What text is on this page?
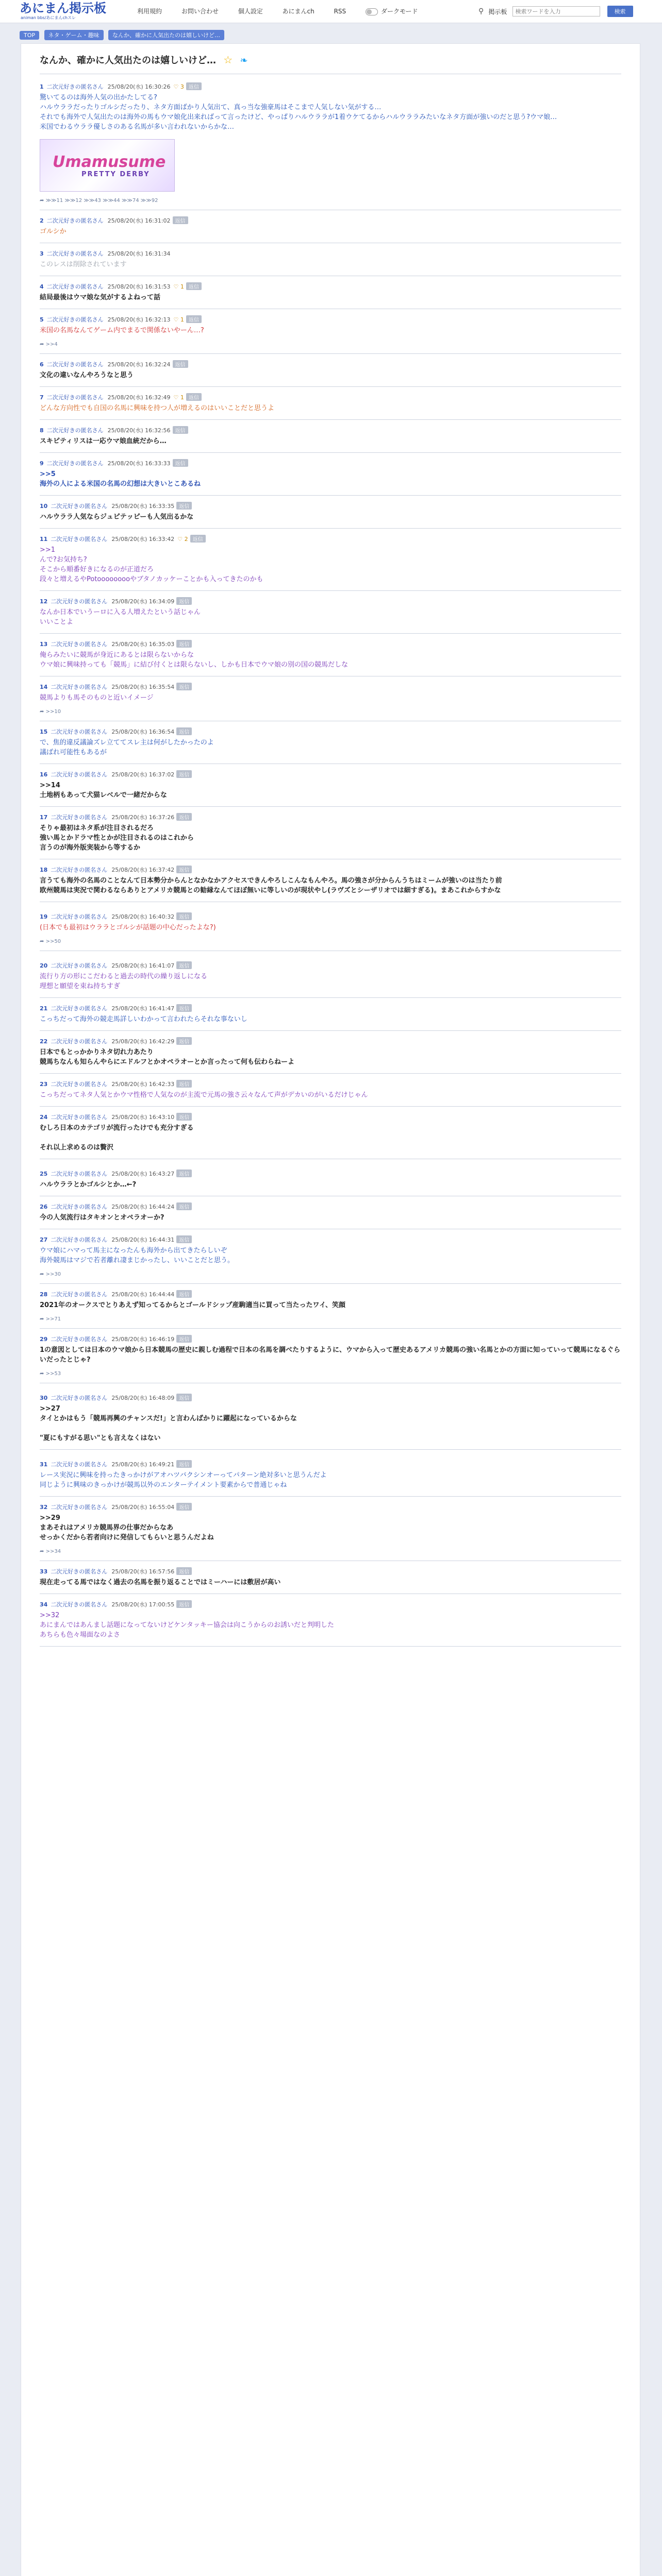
あにまん掲示板
animan bbs/あにまんchスレ
利用規約	お問い合わせ	個人設定	あにまんch	RSS	ダークモード	⚲ 掲示板 検索ワードを入力	検索
TOP ネタ・ゲーム・趣味 なんか、確かに人気出たのは嬉しいけど…
なんか、確かに人気出たのは嬉しいけど… ☆ ❧
1 二次元好きの匿名さん 25/08/20(水) 16:30:26 ♡ 3 返信
驚いてるのは海外人気の出かたしてる?
ハルウララだったりゴルシだったり、ネタ方面ばかり人気出て、真っ当な強豪馬はそこまで人気しない気がする…
それでも海外で人気出たのは海外の馬もウマ娘化出来ればって言ったけど、やっぱりハルウララが1着ウケてるからハルウララみたいなネタ方面が強いのだと思う?ウマ娘…
米国でわるウララ優しさのある名馬が多い言われないからかな…
Umamusume
PRETTY DERBY
➦ ≫≫11 ≫≫12 ≫≫43 ≫≫44 ≫≫74 ≫≫92
2 二次元好きの匿名さん 25/08/20(水) 16:31:02 返信
ゴルシか
3 二次元好きの匿名さん 25/08/20(水) 16:31:34
このレスは削除されています
4 二次元好きの匿名さん 25/08/20(水) 16:31:53 ♡ 1 返信
結局最後はウマ娘な気がするよねって話
5 二次元好きの匿名さん 25/08/20(水) 16:32:13 ♡ 1 返信
米国の名馬なんてゲーム内でまるで関係ないやーん…?
➦ >>4
6 二次元好きの匿名さん 25/08/20(水) 16:32:24 返信
文化の違いなんやろうなと思う
7 二次元好きの匿名さん 25/08/20(水) 16:32:49 ♡ 1 返信
どんな方向性でも自国の名馬に興味を持つ人が増えるのはいいことだと思うよ
8 二次元好きの匿名さん 25/08/20(水) 16:32:56 返信
スキピティリスは一応ウマ娘血統だから…
9 二次元好きの匿名さん 25/08/20(水) 16:33:33 返信
>>5
海外の人による米国の名馬の幻想は大きいとこあるね
10 二次元好きの匿名さん 25/08/20(水) 16:33:35 返信
ハルウララ人気ならジュピテッピーも人気出るかな
11 二次元好きの匿名さん 25/08/20(水) 16:33:42 ♡ 2 返信
>>1
んで?お気持ち?
そこから順番好きになるのが正道だろ
段々と増えるやPotooooooooやブタノカッケーことかも入ってきたのかも
12 二次元好きの匿名さん 25/08/20(水) 16:34:09 返信
なんか日本でいうーロに入る人増えたという話じゃん
いいことよ
13 二次元好きの匿名さん 25/08/20(水) 16:35:03 返信
俺らみたいに競馬が身近にあるとは限らないからな
ウマ娘に興味持っても「競馬」に結び付くとは限らないし、しかも日本でウマ娘の別の国の競馬だしな
14 二次元好きの匿名さん 25/08/20(水) 16:35:54 返信
競馬よりも馬そのものと近いイメージ
➦ >>10
15 二次元好きの匿名さん 25/08/20(水) 16:36:54 返信
で、焦的違反議論ズレ立ててスレ主は何がしたかったのよ
議ばれ可能性もあるが
16 二次元好きの匿名さん 25/08/20(水) 16:37:02 返信
>>14
土地柄もあって犬猫レベルで一緒だからな
17 二次元好きの匿名さん 25/08/20(水) 16:37:26 返信
そりゃ最初はネタ系が注目されるだろ
強い馬とかドラマ性とかが注目されるのはこれから
言うのが海外版実装から等するか
18 二次元好きの匿名さん 25/08/20(水) 16:37:42 返信
言うても海外の名馬のことなんて日本勢分からんとなかなかアクセスできんやろしこんなもんやろ。馬の強さが分からんうちはミームが強いのは当たり前
欧州競馬は実況で関わるならありとアメリカ競馬との勧縁なんてほぼ無いに等しいのが現状やし(ラヴズとシーザリオでは細すぎる)。まあこれからすかな
19 二次元好きの匿名さん 25/08/20(水) 16:40:32 返信
(日本でも最初はウララとゴルシが話題の中心だったよな?)
➦ >>50
20 二次元好きの匿名さん 25/08/20(水) 16:41:07 返信
流行り方の形にこだわると過去の時代の繰り返しになる
理想と願望を束ね持ちすぎ
21 二次元好きの匿名さん 25/08/20(水) 16:41:47 返信
こっちだって海外の競走馬詳しいわかって言われたらそれな事ないし
22 二次元好きの匿名さん 25/08/20(水) 16:42:29 返信
日本でもとっかかりネタ切れ力あたり
競馬ちなんも知らんやらにエドルフとかオペラオーとか言ったって何も伝わらねーよ
23 二次元好きの匿名さん 25/08/20(水) 16:42:33 返信
こっちだってネタ人気とかウマ性格で人気なのが主流で元馬の強さ云々なんて声がデカいのがいるだけじゃん
24 二次元好きの匿名さん 25/08/20(水) 16:43:10 返信
むしろ日本のカテゴリが流行ったけでも充分すぎる

それ以上求めるのは贅沢
25 二次元好きの匿名さん 25/08/20(水) 16:43:27 返信
ハルウララとかゴルシとか…←?
26 二次元好きの匿名さん 25/08/20(水) 16:44:24 返信
今の人気流行はタキオンとオペラオーか?
27 二次元好きの匿名さん 25/08/20(水) 16:44:31 返信
ウマ娘にハマって馬主になったんも海外から出てきたらしいぞ
海外競馬はマジで若者離れ凄まじかったし、いいことだと思う。
➦ >>30
28 二次元好きの匿名さん 25/08/20(水) 16:44:44 返信
2021年のオークスでとりあえず知ってるからとゴールドシップ産駒適当に買って当たったワイ、笑顔
➦ >>71
29 二次元好きの匿名さん 25/08/20(水) 16:46:19 返信
1の意図としては日本のウマ娘から日本競馬の歴史に親しむ過程で日本の名馬を調べたりするように、ウマから入って歴史あるアメリカ競馬の強い名馬とかの方面に知っていって競馬になるぐらいだったとじゃ?
➦ >>53
30 二次元好きの匿名さん 25/08/20(水) 16:48:09 返信
>>27
タイとかはもう「競馬再興のチャンスだ!」と言わんばかりに躍起になっているからな

"夏にもすがる思い"とも言えなくはない
31 二次元好きの匿名さん 25/08/20(水) 16:49:21 返信
レース実況に興味を持ったきっかけがアオハツバクシンオーってパターン絶対多いと思うんだよ
同じように興味のきっかけが競馬以外のエンターテイメント要素からで普通じゃね
32 二次元好きの匿名さん 25/08/20(水) 16:55:04 返信
>>29
まあそれはアメリカ競馬界の仕事だからなあ
せっかくだから若者向けに発信してもらいと思うんだよね
➦ >>34
33 二次元好きの匿名さん 25/08/20(水) 16:57:56 返信
現在走ってる馬ではなく過去の名馬を振り返ることではミーハーには敷居が高い
34 二次元好きの匿名さん 25/08/20(水) 17:00:55 返信
>>32
あにまんではあんまし話題になってないけどケンタッキー協会は向こうからのお誘いだと判明した
あちらも色々場面なのよさ
